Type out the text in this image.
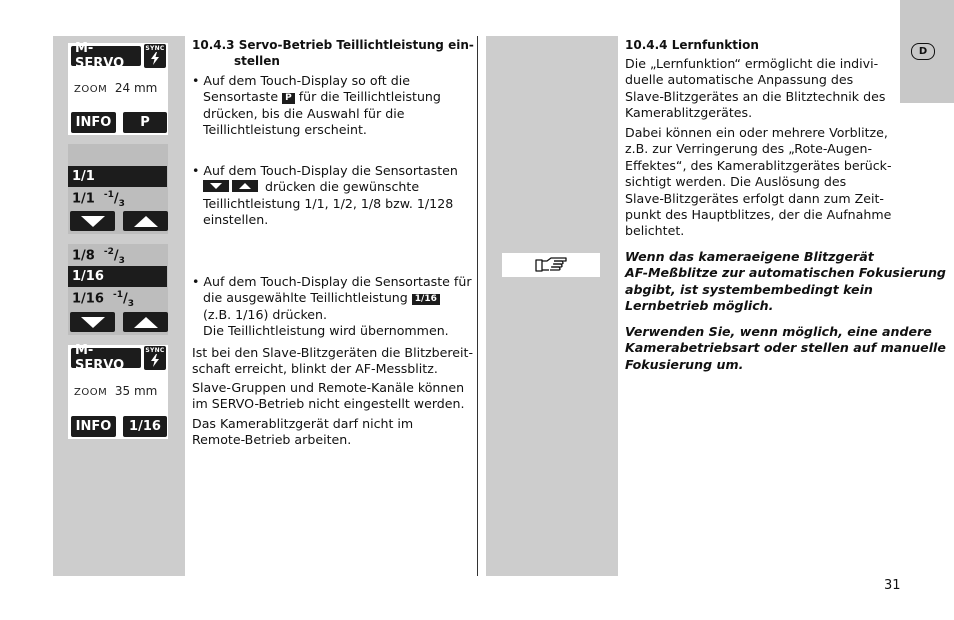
M-SERVO
SYNC
ZOOM 24 mm
INFO	P
1/1
1/1 $^{-1}/_3$
1/8 $^{-2}/_3$
1/16
1/16 $^{-1}/_3$
M-SERVO
SYNC
ZOOM 35 mm
INFO	1/16
10.4.3 Servo-Betrieb Teillichtleistung ein-
stellen
• Auf dem Touch-Display so oft die
Sensortaste P für die Teillichtleistung
drücken, bis die Auswahl für die
Teillichtleistung erscheint.
• Auf dem Touch-Display die Sensortasten
drücken die gewünschte
Teillichtleistung 1/1, 1/2, 1/8 bzw. 1/128
einstellen.
• Auf dem Touch-Display die Sensortaste für
die ausgewählte Teillichtleistung 1/16
(z.B. 1/16) drücken.
Die Teillichtleistung wird übernommen.
Ist bei den Slave-Blitzgeräten die Blitzbereit-
schaft erreicht, blinkt der AF-Messblitz.
Slave-Gruppen und Remote-Kanäle können
im SERVO-Betrieb nicht eingestellt werden.
Das Kamerablitzgerät darf nicht im
Remote-Betrieb arbeiten.
10.4.4 Lernfunktion
Die „Lernfunktion“ ermöglicht die indivi-
duelle automatische Anpassung des
Slave-Blitzgerätes an die Blitztechnik des
Kamerablitzgerätes.
Dabei können ein oder mehrere Vorblitze,
z.B. zur Verringerung des „Rote-Augen-
Effektes“, des Kamerablitzgerätes berück-
sichtigt werden. Die Auslösung des
Slave-Blitzgerätes erfolgt dann zum Zeit-
punkt des Hauptblitzes, der die Aufnahme
belichtet.
Wenn das kameraeigene Blitzgerät
AF-Meßblitze zur automatischen Fokusierung
abgibt, ist systembembedingt kein
Lernbetrieb möglich.
Verwenden Sie, wenn möglich, eine andere
Kamerabetriebsart oder stellen auf manuelle
Fokusierung um.
D
31
